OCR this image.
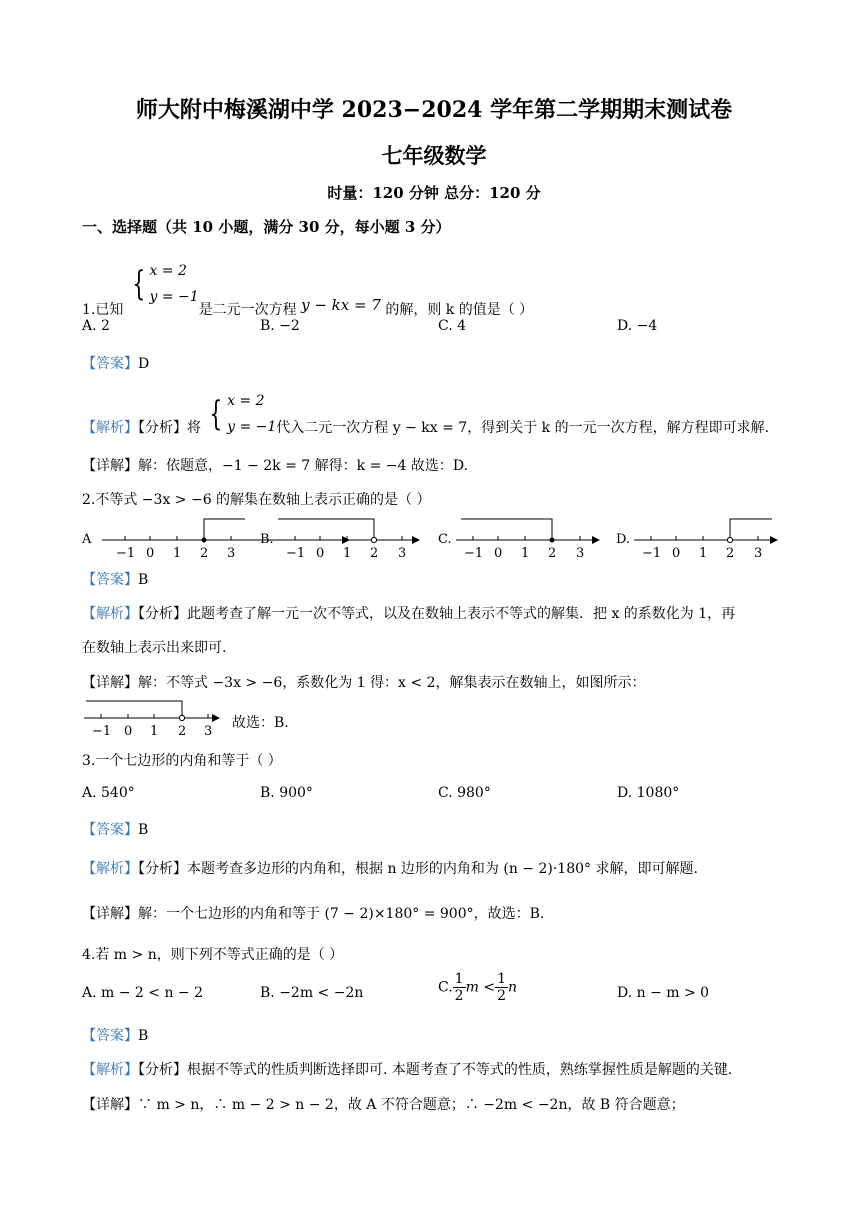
师大附中梅溪湖中学 2023−2024 学年第二学期期末测试卷
七年级数学
时量：120 分钟 总分：120 分
一、选择题（共 10 小题，满分 30 分，每小题 3 分）
1.已知 { x = 2
y = −1
是二元一次方程 y − kx = 7 的解，则 k 的值是（ ）
A. 2	B. −2	C. 4	D. −4
【答案】D
【解析】【分析】将 { x = 2
y = −1 代入二元一次方程 y − kx = 7，得到关于 k 的一元一次方程，解方程即可求解.
【详解】解：依题意，−1 − 2k = 7 解得：k = −4 故选：D.
2.不等式 −3x > −6 的解集在数轴上表示正确的是（ ）
A
−1 0 1 2 3
B.
−1 0 1 2 3
C.
−1 0 1 2 3
D.
−1 0 1 2 3
【答案】B
【解析】【分析】此题考查了解一元一次不等式，以及在数轴上表示不等式的解集．把 x 的系数化为 1，再
在数轴上表示出来即可.
【详解】解：不等式 −3x > −6，系数化为 1 得：x < 2，解集表示在数轴上，如图所示：
−1 0 1 2 3
故选：B.
3.一个七边形的内角和等于（ ）
A. 540°	B. 900°	C. 980°	D. 1080°
【答案】B
【解析】【分析】本题考查多边形的内角和，根据 n 边形的内角和为 (n − 2)·180° 求解，即可解题.
【详解】解：一个七边形的内角和等于 (7 − 2)×180° = 900°，故选：B.
4.若 m > n，则下列不等式正确的是（ ）
A. m − 2 < n − 2	B. −2m < −2n	C. $\frac{1}{2}m < \frac{1}{2}n$	D. n − m > 0
【答案】B
【解析】【分析】根据不等式的性质判断选择即可. 本题考查了不等式的性质，熟练掌握性质是解题的关键.
【详解】∵ m > n，∴ m − 2 > n − 2，故 A 不符合题意；∴ −2m < −2n，故 B 符合题意；
